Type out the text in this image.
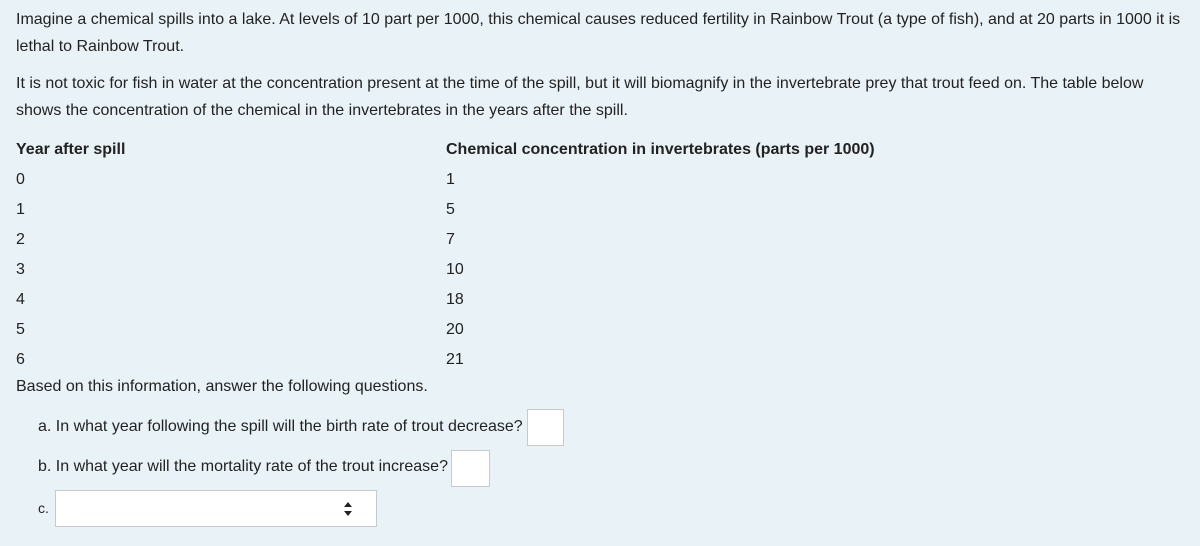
Imagine a chemical spills into a lake. At levels of 10 part per 1000, this chemical causes reduced fertility in Rainbow Trout (a type of fish), and at 20 parts in 1000 it is lethal to Rainbow Trout.

It is not toxic for fish in water at the concentration present at the time of the spill, but it will biomagnify in the invertebrate prey that trout feed on. The table below shows the concentration of the chemical in the invertebrates in the years after the spill.

Year after spill	Chemical concentration in invertebrates (parts per 1000)
0	1
1	5
2	7
3	10
4	18
5	20
6	21
Based on this information, answer the following questions.
a. In what year following the spill will the birth rate of trout decrease?
b. In what year will the mortality rate of the trout increase?
c.
